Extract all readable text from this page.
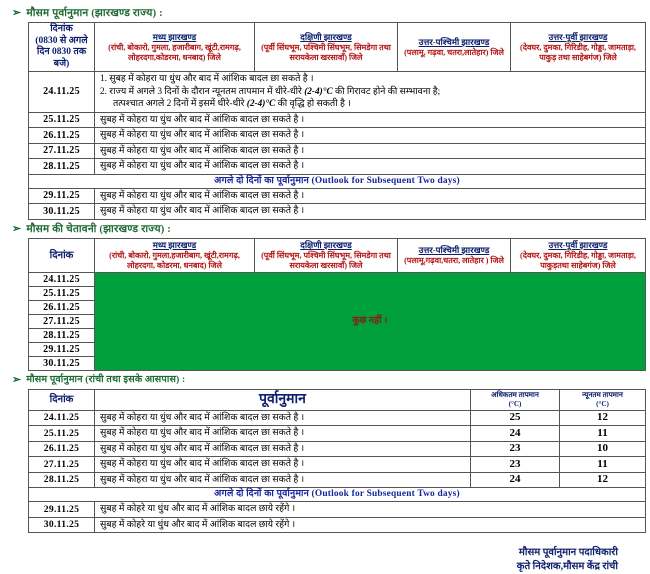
➢ मौसम पूर्वानुमान (झारखण्ड राज्य) :
दिनांक
(0830 से अगले
दिन 0830 तक
बजे)	मध्य झारखण्ड
(रांची, बोकारो, गुमला, हजारीबाग, खूंटी,रामगढ़, लोहरदगा,कोडरमा, धनबाद) जिले	दक्षिणी झारखण्ड
(पूर्वी सिंघभूम, पश्चिमी सिंघभूम, सिमडेगा तथा सरायकेला खरसावाँ) जिले	उत्तर-पश्चिमी झारखण्ड
(पलामू, गढ़वा, चतरा,लातेहार) जिले	उत्तर-पूर्वी झारखण्ड
(देवघर, दुमका, गिरिडीह, गोड्डा, जामताड़ा, पाकुड़ तथा साहेबगंज) जिले
24.11.25	1. सुबह में कोहरा या धुंध और बाद में आंशिक बादल छा सकते है ।
2. राज्य में अगले 3 दिनों के दौरान न्यूनतम तापमान में धीरे-धीरे (2-4)°C की गिरावट होने की सम्भावना है;
तत्पश्चात अगले 2 दिनों में इसमें धीरे-धीरे (2-4)°C की वृद्धि हो सकती है ।			

25.11.25	सुबह में कोहरा या धुंध और बाद में आंशिक बादल छा सकते है ।			
26.11.25	सुबह में कोहरा या धुंध और बाद में आंशिक बादल छा सकते है ।			
27.11.25	सुबह में कोहरा या धुंध और बाद में आंशिक बादल छा सकते है ।			
28.11.25	सुबह में कोहरा या धुंध और बाद में आंशिक बादल छा सकते है ।			
अगले दो दिनों का पूर्वानुमान (Outlook for Subsequent Two days)				
29.11.25	सुबह में कोहरा या धुंध और बाद में आंशिक बादल छा सकते है ।			
30.11.25	सुबह में कोहरा या धुंध और बाद में आंशिक बादल छा सकते है ।			
➢ मौसम की चेतावनी (झारखण्ड राज्य) :
दिनांक	मध्य झारखण्ड
(रांची, बोकारो, गुमला,हजारीबाग, खूंटी,रामगढ़, लोहरदगा, कोडरमा, धनबाद) जिले	दक्षिणी झारखण्ड
(पूर्वी सिंघभूम, पश्चिमी सिंघभूम, सिमडेगा तथा सरायकेला खरसावाँ) जिले	उत्तर-पश्चिमी झारखण्ड
(पलामू,गढ़वा,चतरा, लातेहार ) जिले	उत्तर-पूर्वी झारखण्ड
(देवघर, दुमका, गिरिडीह, गोड्डा, जामताड़ा, पाकुड़तथा साहेबगंज) जिले
24.11.25	कुछ नहीं ।			
25.11.25				
26.11.25				
27.11.25				
28.11.25				
29.11.25				
30.11.25				
➢ मौसम पूर्वानुमान (रांची तथा इसके आसपास) :
दिनांक	पूर्वानुमान	अधिकतम तापमान
(°C)	न्यूनतम तापमान
(°C)
24.11.25	सुबह में कोहरा या धुंध और बाद में आंशिक बादल छा सकते है ।	25	12
25.11.25	सुबह में कोहरा या धुंध और बाद में आंशिक बादल छा सकते है ।	24	11
26.11.25	सुबह में कोहरा या धुंध और बाद में आंशिक बादल छा सकते है ।	23	10
27.11.25	सुबह में कोहरा या धुंध और बाद में आंशिक बादल छा सकते है ।	23	11
28.11.25	सुबह में कोहरा या धुंध और बाद में आंशिक बादल छा सकते है ।	24	12
अगले दो दिनों का पूर्वानुमान (Outlook for Subsequent Two days)			
29.11.25	सुबह में कोहरे या धुंध और बाद में आंशिक बादल छाये रहेंगे ।		
30.11.25	सुबह में कोहरे या धुंध और बाद में आंशिक बादल छाये रहेंगे ।		
मौसम पूर्वानुमान पदाधिकारी
कृते निदेशक,मौसम केंद्र रांची
